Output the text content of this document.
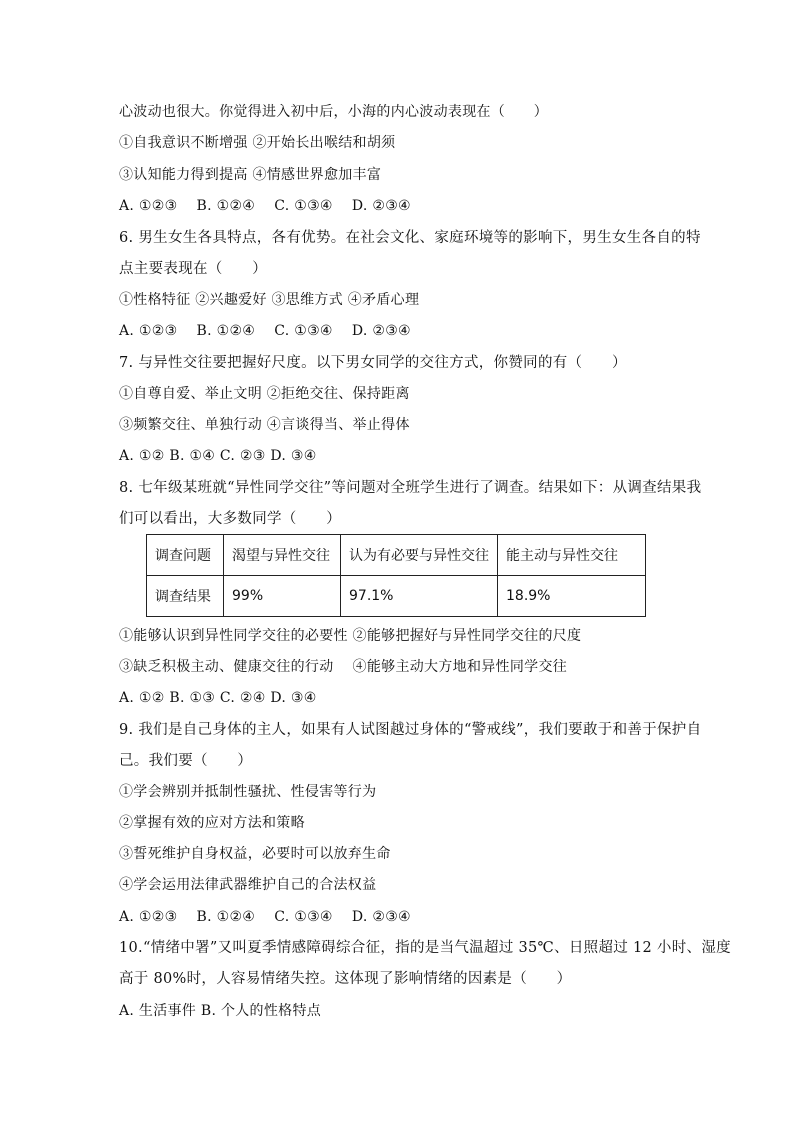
心波动也很大。你觉得进入初中后，小海的内心波动表现在（　　）
①自我意识不断增强 ②开始长出喉结和胡须
③认知能力得到提高 ④情感世界愈加丰富
A. ①②③　 B. ①②④　 C. ①③④　 D. ②③④
6. 男生女生各具特点，各有优势。在社会文化、家庭环境等的影响下，男生女生各自的特
点主要表现在（　　）
①性格特征 ②兴趣爱好 ③思维方式 ④矛盾心理
A. ①②③　 B. ①②④　 C. ①③④　 D. ②③④
7. 与异性交往要把握好尺度。以下男女同学的交往方式，你赞同的有（　　）
①自尊自爱、举止文明 ②拒绝交往、保持距离
③频繁交往、单独行动 ④言谈得当、举止得体
A. ①② B. ①④ C. ②③ D. ③④
8. 七年级某班就“异性同学交往”等问题对全班学生进行了调查。结果如下：从调查结果我
们可以看出，大多数同学（　　）
调查问题	渴望与异性交往	认为有必要与异性交往	能主动与异性交往
调查结果	99%	97.1%	18.9%
①能够认识到异性同学交往的必要性 ②能够把握好与异性同学交往的尺度
③缺乏积极主动、健康交往的行动　 ④能够主动大方地和异性同学交往
A. ①② B. ①③ C. ②④ D. ③④
9. 我们是自己身体的主人，如果有人试图越过身体的“警戒线”，我们要敢于和善于保护自
己。我们要（　　）
①学会辨别并抵制性骚扰、性侵害等行为
②掌握有效的应对方法和策略
③誓死维护自身权益，必要时可以放弃生命
④学会运用法律武器维护自己的合法权益
A. ①②③　 B. ①②④　 C. ①③④　 D. ②③④
10.“情绪中署”又叫夏季情感障碍综合征，指的是当气温超过 35℃、日照超过 12 小时、湿度
高于 80%时，人容易情绪失控。这体现了影响情绪的因素是（　　）
A. 生活事件 B. 个人的性格特点
